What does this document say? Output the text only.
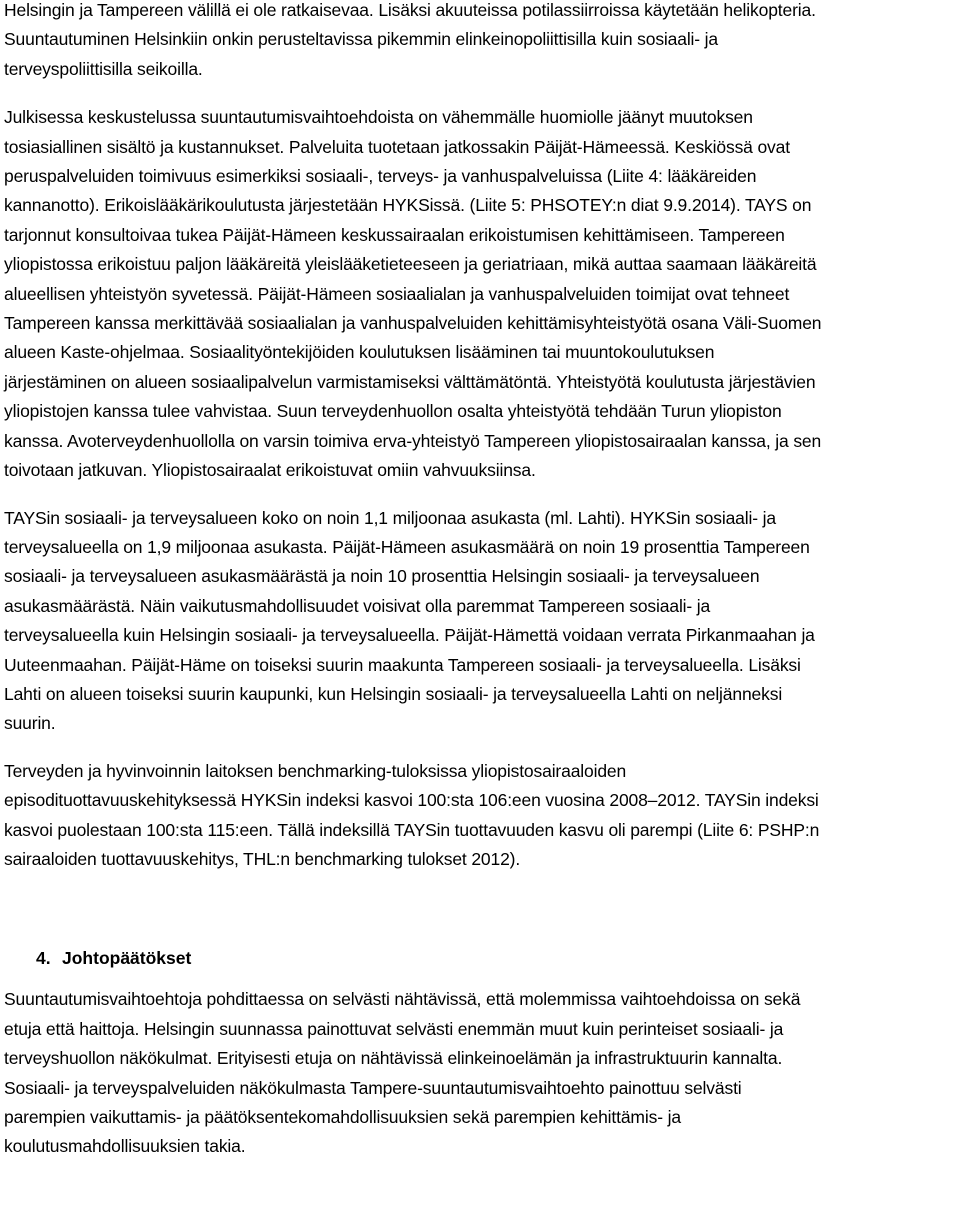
Helsingin ja Tampereen välillä ei ole ratkaisevaa. Lisäksi akuuteissa potilassiirroissa käytetään helikopteria.
Suuntautuminen Helsinkiin onkin perusteltavissa pikemmin elinkeinopoliittisilla kuin sosiaali- ja
terveyspoliittisilla seikoilla.
Julkisessa keskustelussa suuntautumisvaihtoehdoista on vähemmälle huomiolle jäänyt muutoksen
tosiasiallinen sisältö ja kustannukset. Palveluita tuotetaan jatkossakin Päijät-Hämeessä. Keskiössä ovat
peruspalveluiden toimivuus esimerkiksi sosiaali-, terveys- ja vanhuspalveluissa (Liite 4: lääkäreiden
kannanotto). Erikoislääkärikoulutusta järjestetään HYKSissä. (Liite 5: PHSOTEY:n diat 9.9.2014). TAYS on
tarjonnut konsultoivaa tukea Päijät-Hämeen keskussairaalan erikoistumisen kehittämiseen. Tampereen
yliopistossa erikoistuu paljon lääkäreitä yleislääketieteeseen ja geriatriaan, mikä auttaa saamaan lääkäreitä
alueellisen yhteistyön syvetessä. Päijät-Hämeen sosiaalialan ja vanhuspalveluiden toimijat ovat tehneet
Tampereen kanssa merkittävää sosiaalialan ja vanhuspalveluiden kehittämisyhteistyötä osana Väli-Suomen
alueen Kaste-ohjelmaa. Sosiaalityöntekijöiden koulutuksen lisääminen tai muuntokoulutuksen
järjestäminen on alueen sosiaalipalvelun varmistamiseksi välttämätöntä. Yhteistyötä koulutusta järjestävien
yliopistojen kanssa tulee vahvistaa. Suun terveydenhuollon osalta yhteistyötä tehdään Turun yliopiston
kanssa. Avoterveydenhuollolla on varsin toimiva erva-yhteistyö Tampereen yliopistosairaalan kanssa, ja sen
toivotaan jatkuvan. Yliopistosairaalat erikoistuvat omiin vahvuuksiinsa.
TAYSin sosiaali- ja terveysalueen koko on noin 1,1 miljoonaa asukasta (ml. Lahti). HYKSin sosiaali- ja
terveysalueella on 1,9 miljoonaa asukasta. Päijät-Hämeen asukasmäärä on noin 19 prosenttia Tampereen
sosiaali- ja terveysalueen asukasmäärästä ja noin 10 prosenttia Helsingin sosiaali- ja terveysalueen
asukasmäärästä. Näin vaikutusmahdollisuudet voisivat olla paremmat Tampereen sosiaali- ja
terveysalueella kuin Helsingin sosiaali- ja terveysalueella. Päijät-Hämettä voidaan verrata Pirkanmaahan ja
Uuteenmaahan. Päijät-Häme on toiseksi suurin maakunta Tampereen sosiaali- ja terveysalueella. Lisäksi
Lahti on alueen toiseksi suurin kaupunki, kun Helsingin sosiaali- ja terveysalueella Lahti on neljänneksi
suurin.
Terveyden ja hyvinvoinnin laitoksen benchmarking-tuloksissa yliopistosairaaloiden
episodituottavuuskehityksessä HYKSin indeksi kasvoi 100:sta 106:een vuosina 2008–2012. TAYSin indeksi
kasvoi puolestaan 100:sta 115:een. Tällä indeksillä TAYSin tuottavuuden kasvu oli parempi (Liite 6: PSHP:n
sairaaloiden tuottavuuskehitys, THL:n benchmarking tulokset 2012).
4. Johtopäätökset
Suuntautumisvaihtoehtoja pohdittaessa on selvästi nähtävissä, että molemmissa vaihtoehdoissa on sekä
etuja että haittoja. Helsingin suunnassa painottuvat selvästi enemmän muut kuin perinteiset sosiaali- ja
terveyshuollon näkökulmat. Erityisesti etuja on nähtävissä elinkeinoelämän ja infrastruktuurin kannalta.
Sosiaali- ja terveyspalveluiden näkökulmasta Tampere-suuntautumisvaihtoehto painottuu selvästi
parempien vaikuttamis- ja päätöksentekomahdollisuuksien sekä parempien kehittämis- ja
koulutusmahdollisuuksien takia.
